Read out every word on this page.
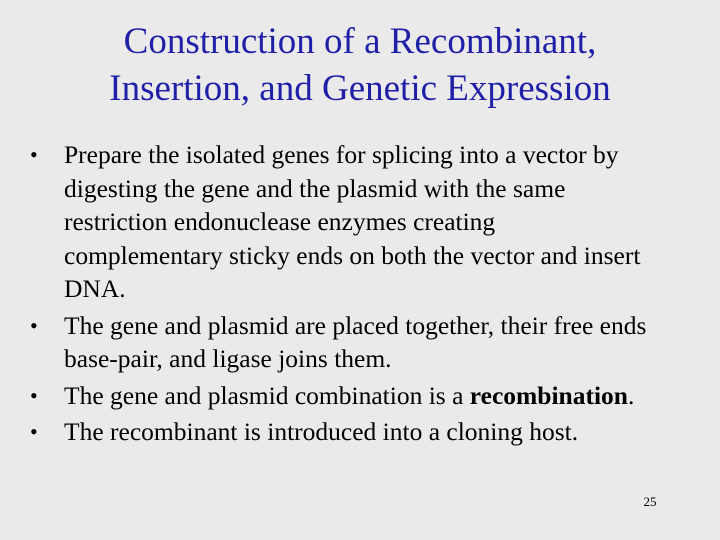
Construction of a Recombinant,
Insertion, and Genetic Expression
•	Prepare the isolated genes for splicing into a vector by digesting the gene and the plasmid with the same restriction endonuclease enzymes creating complementary sticky ends on both the vector and insert DNA.
•	The gene and plasmid are placed together, their free ends base-pair, and ligase joins them.
•	The gene and plasmid combination is a recombination.
•	The recombinant is introduced into a cloning host.
25
